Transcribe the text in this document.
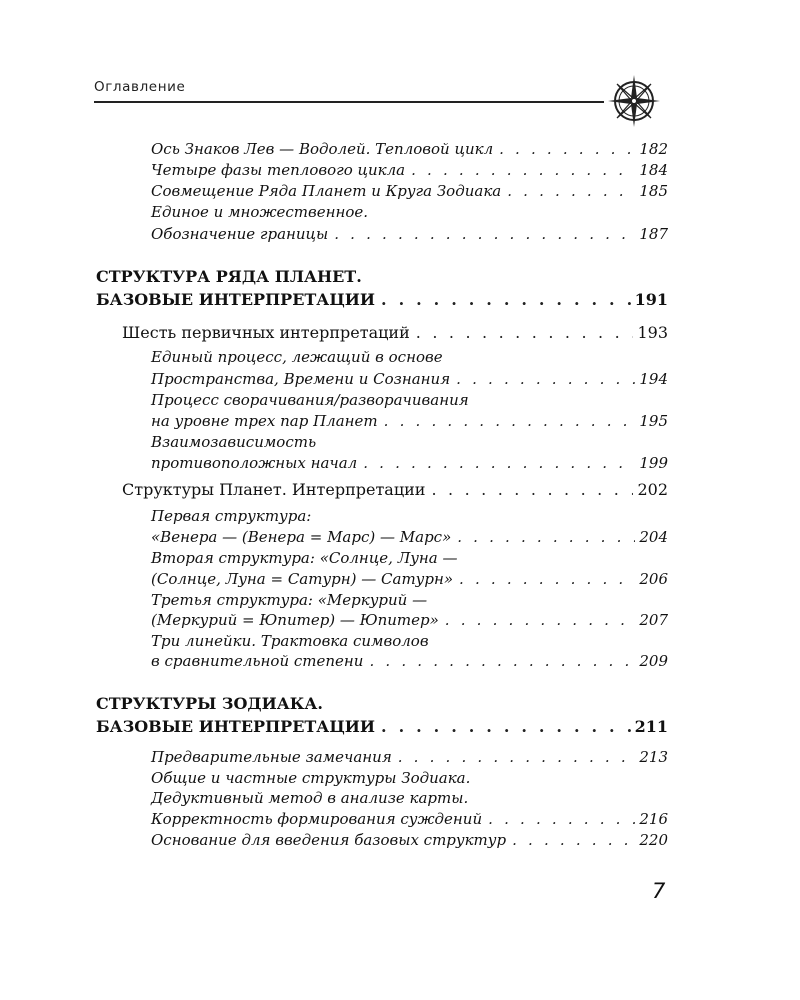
Оглавление
Ось Знаков Лев — Водолей. Тепловой цикл . . .	182
Четыре фазы теплового цикла . . .	184
Совмещение Ряда Планет и Круга Зодиака . . .	185
Единое и множественное.
Обозначение границы . . .	187
СТРУКТУРА РЯДА ПЛАНЕТ.
БАЗОВЫЕ ИНТЕРПРЕТАЦИИ . . .	191
Шесть первичных интерпретаций . . .	193
Единый процесс, лежащий в основе
Пространства, Времени и Сознания . . .	194
Процесс сворачивания/разворачивания
на уровне трех пар Планет . . .	195
Взаимозависимость
противоположных начал . . .	199
Структуры Планет. Интерпретации . . .	202
Первая структура:
«Венера — (Венера = Марс) — Марс» . . .	204
Вторая структура: «Солнце, Луна —
(Солнце, Луна = Сатурн) — Сатурн» . . .	206
Третья структура: «Меркурий —
(Меркурий = Юпитер) — Юпитер» . . .	207
Три линейки. Трактовка символов
в сравнительной степени . . .	209
СТРУКТУРЫ ЗОДИАКА.
БАЗОВЫЕ ИНТЕРПРЕТАЦИИ . . .	211
Предварительные замечания . . .	213
Общие и частные структуры Зодиака.
Дедуктивный метод в анализе карты.
Корректность формирования суждений . . .	216
Основание для введения базовых структур . . .	220
7
